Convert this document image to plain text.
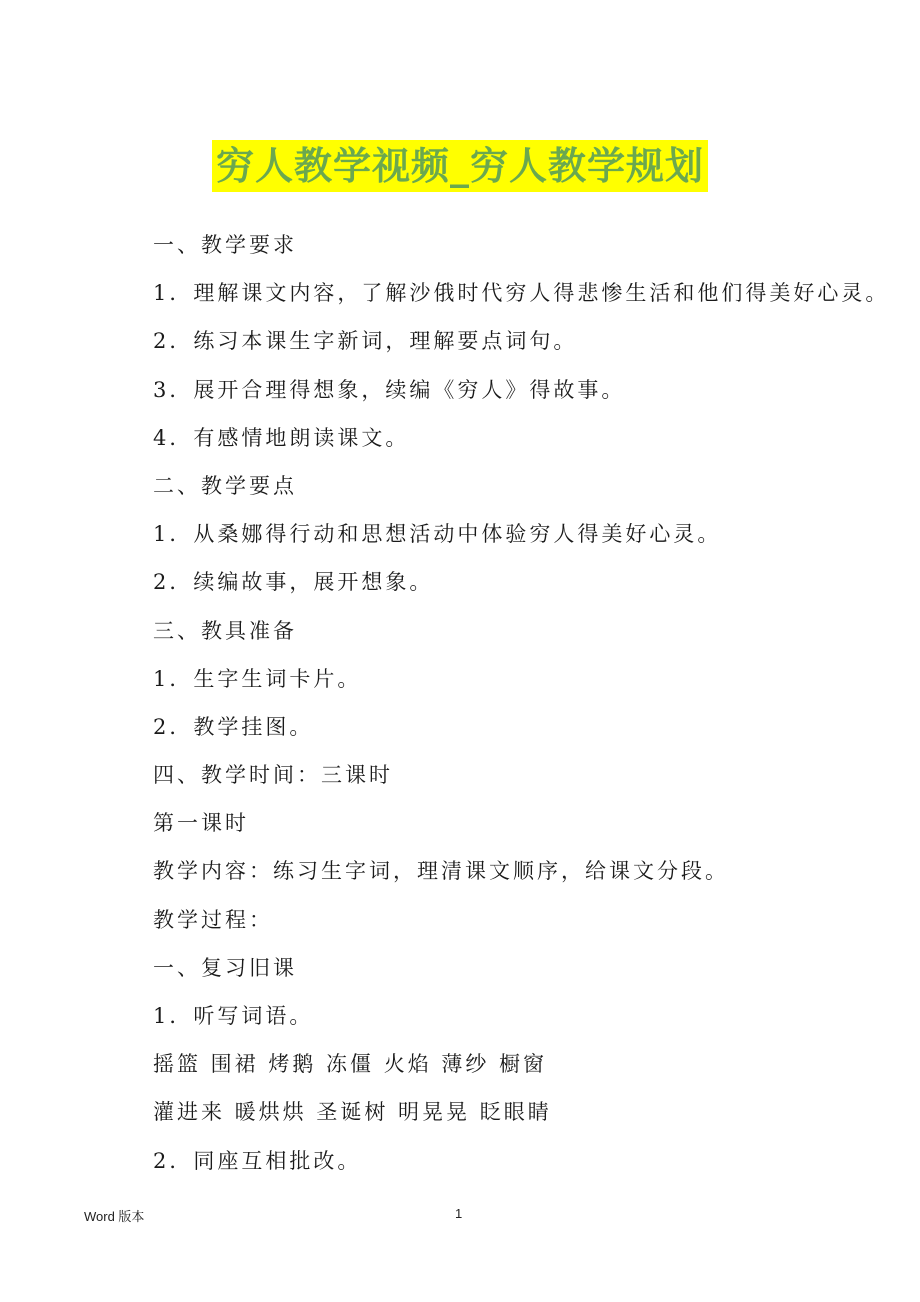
穷人教学视频_穷人教学规划
一、教学要求
1．理解课文内容，了解沙俄时代穷人得悲惨生活和他们得美好心灵。
2．练习本课生字新词，理解要点词句。
3．展开合理得想象，续编《穷人》得故事。
4．有感情地朗读课文。
二、教学要点
1．从桑娜得行动和思想活动中体验穷人得美好心灵。
2．续编故事，展开想象。
三、教具准备
1．生字生词卡片。
2．教学挂图。
四、教学时间：三课时
第一课时
教学内容：练习生字词，理清课文顺序，给课文分段。
教学过程：
一、复习旧课
1．听写词语。
摇篮 围裙 烤鹅 冻僵 火焰 薄纱 橱窗
灌进来 暖烘烘 圣诞树 明晃晃 眨眼睛
2．同座互相批改。
Word 版本	1
